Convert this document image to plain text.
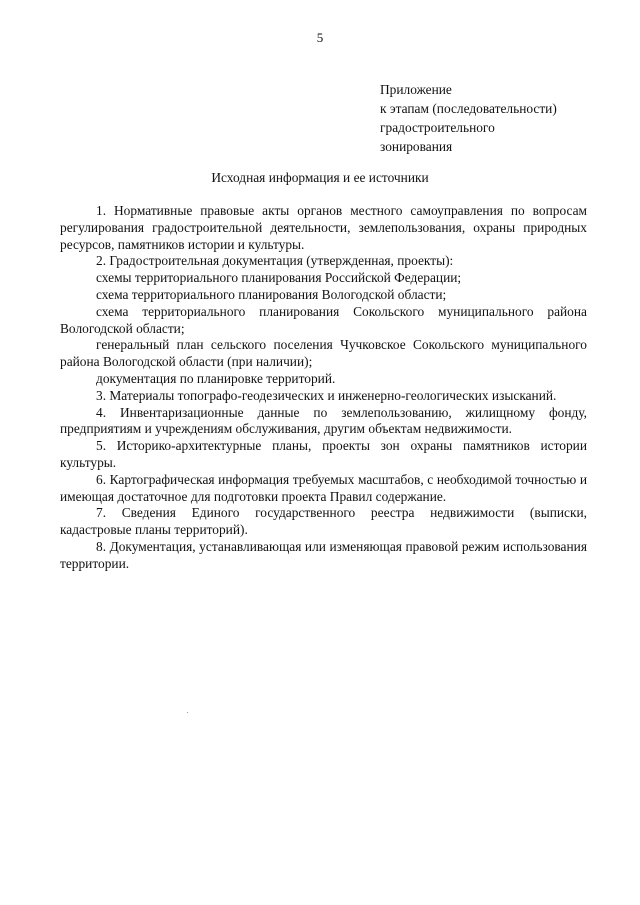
5
Приложение
к этапам (последовательности)
градостроительного
зонирования
Исходная информация и ее источники

1. Нормативные правовые акты органов местного самоуправления по вопросам регулирования градостроительной деятельности, землепользования, охраны природных ресурсов, памятников истории и культуры.

2. Градостроительная документация (утвержденная, проекты):

схемы территориального планирования Российской Федерации;

схема территориального планирования Вологодской области;

схема территориального планирования Сокольского муниципального района Вологодской области;

генеральный план сельского поселения Чучковское Сокольского муниципального района Вологодской области (при наличии);

документация по планировке территорий.

3. Материалы топографо-геодезических и инженерно-геологических изысканий.

4. Инвентаризационные данные по землепользованию, жилищному фонду, предприятиям и учреждениям обслуживания, другим объектам недвижимости.

5. Историко-архитектурные планы, проекты зон охраны памятников истории культуры.

6. Картографическая информация требуемых масштабов, с необходимой точностью и имеющая достаточное для подготовки проекта Правил содержание.

7. Сведения Единого государственного реестра недвижимости (выписки, кадастровые планы территорий).

8. Документация, устанавливающая или изменяющая правовой режим использования территории.
